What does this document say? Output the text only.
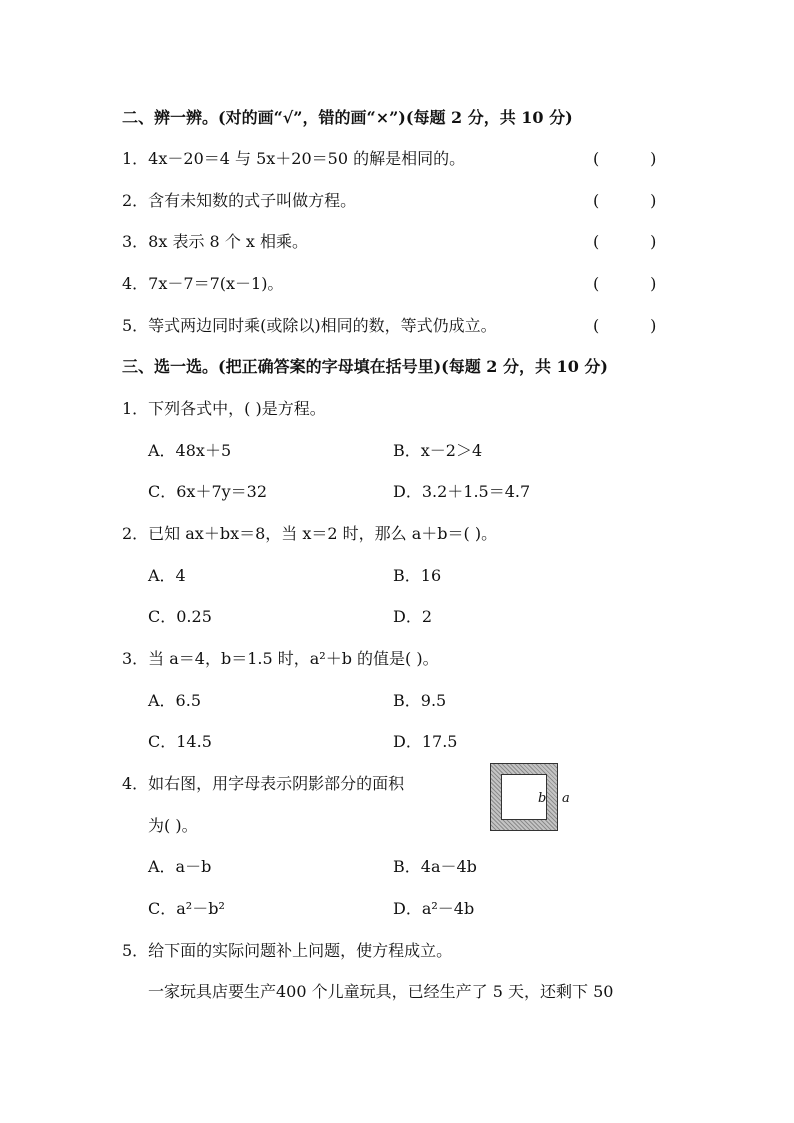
二、辨一辨。(对的画“√”，错的画“×”)(每题 2 分，共 10 分)
1．4x－20＝4 与 5x＋20＝50 的解是相同的。	(          )
2．含有未知数的式子叫做方程。	(          )
3．8x 表示 8 个 x 相乘。	(          )
4．7x－7＝7(x－1)。	(          )
5．等式两边同时乘(或除以)相同的数，等式仍成立。	(          )
三、选一选。(把正确答案的字母填在括号里)(每题 2 分，共 10 分)
1．下列各式中，( )是方程。
A．48x＋5	B．x－2＞4
C．6x＋7y＝32	D．3.2＋1.5＝4.7
2．已知 ax＋bx＝8，当 x＝2 时，那么 a＋b＝( )。
A．4	B．16
C．0.25	D．2
3．当 a＝4，b＝1.5 时，a²＋b 的值是( )。
A．6.5	B．9.5
C．14.5	D．17.5
4．如右图，用字母表示阴影部分的面积
为( )。
A．a－b	B．4a－4b
C．a²－b²	D．a²－4b
5．给下面的实际问题补上问题，使方程成立。
一家玩具店要生产400 个儿童玩具，已经生产了 5 天，还剩下 50
b a
